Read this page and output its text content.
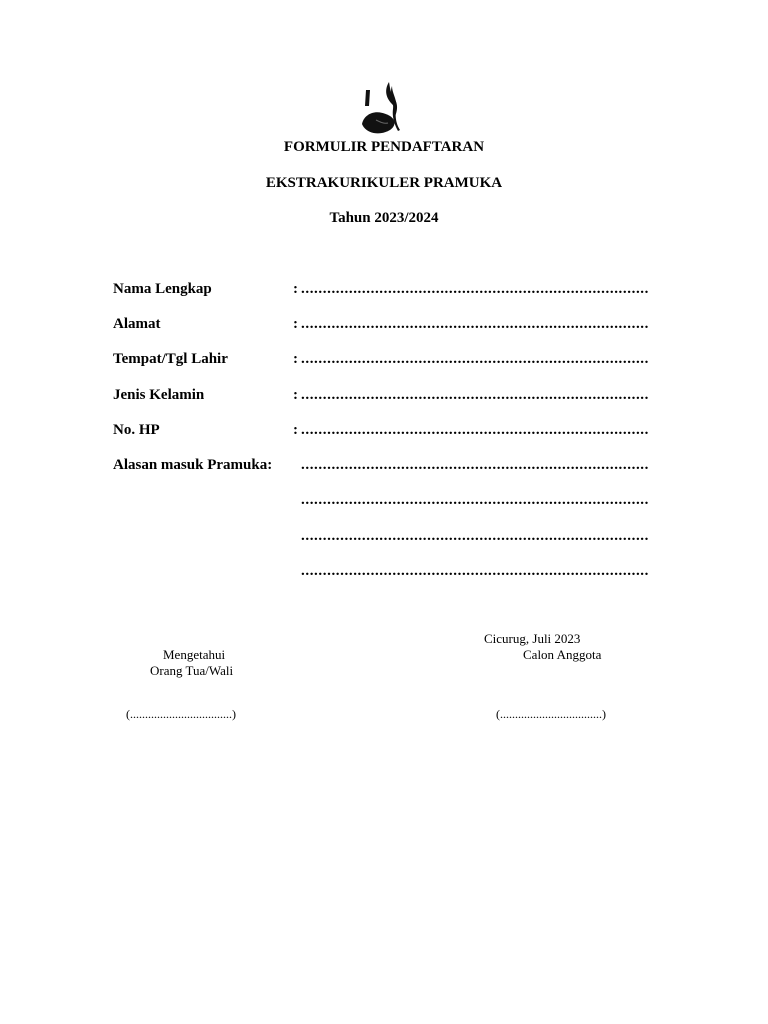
FORMULIR PENDAFTARAN
EKSTRAKURIKULER PRAMUKA
Tahun 2023/2024
Nama Lengkap	: ................................................................................
Alamat	: ................................................................................
Tempat/Tgl Lahir	: ................................................................................
Jenis Kelamin	: ................................................................................
No. HP	: ................................................................................
Alasan masuk Pramuka: ................................................................................
................................................................................
................................................................................
................................................................................
Cicurug, Juli 2023
Mengetahui
Orang Tua/Wali
Calon Anggota
(..................................)	(..................................)
